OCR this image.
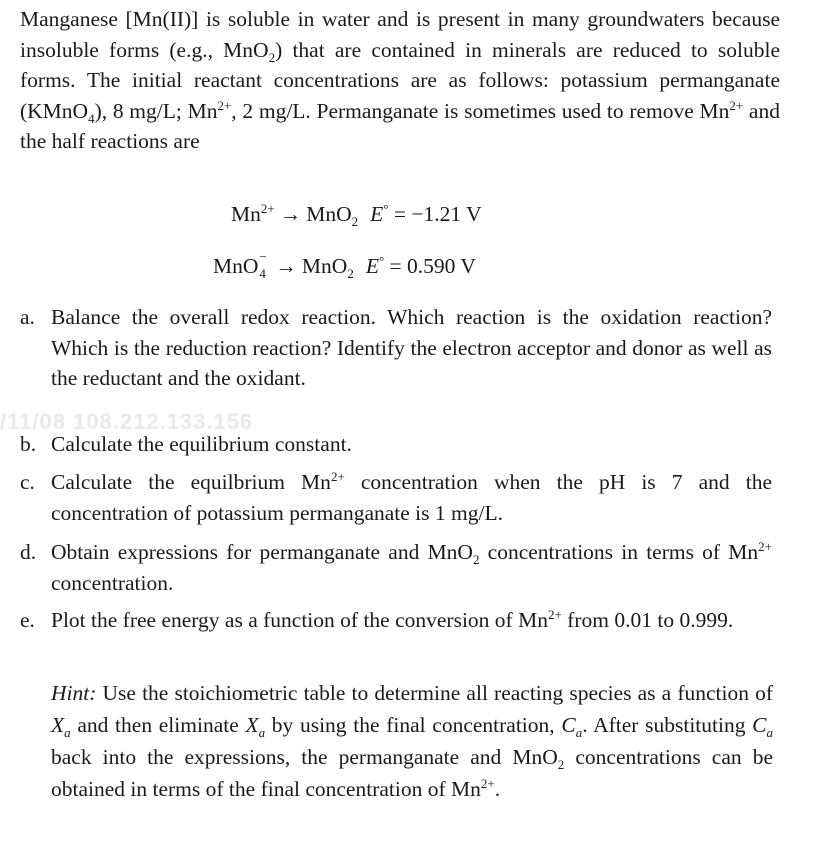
/11/08 108.212.133.156

Manganese [Mn(II)] is soluble in water and is present in many groundwaters because insoluble forms (e.g., MnO$_2$) that are contained in minerals are reduced to soluble forms. The initial reactant concentrations are as follows: potassium permanganate (KMnO$_4$), 8 mg/L; $Mn^{2+}$, 2 mg/L. Permanganate is sometimes used to remove $Mn^{2+}$ and the half reactions are

$Mn^{2+} \to MnO_2$ E° = −1.21 V
MnO −
4 → MnO$_2$ E° = 0.590 V
a. Balance the overall redox reaction. Which reaction is the oxidation reaction? Which is the reduction reaction? Identify the electron acceptor and donor as well as the reductant and the oxidant.
b. Calculate the equilibrium constant.
c. Calculate the equilbrium $Mn^{2+}$ concentration when the pH is 7 and the concentration of potassium permanganate is 1 mg/L.
d. Obtain expressions for permanganate and MnO$_2$ concentrations in terms of $Mn^{2+}$ concentration.
e. Plot the free energy as a function of the conversion of $Mn^{2+}$ from 0.01 to 0.999.

Hint: Use the stoichiometric table to determine all reacting species as a function of $X_a$ and then eliminate $X_a$ by using the final concentration, $C_a$. After substituting $C_a$ back into the expressions, the permanganate and MnO$_2$ concentrations can be obtained in terms of the final concentration of $Mn^{2+}$.
